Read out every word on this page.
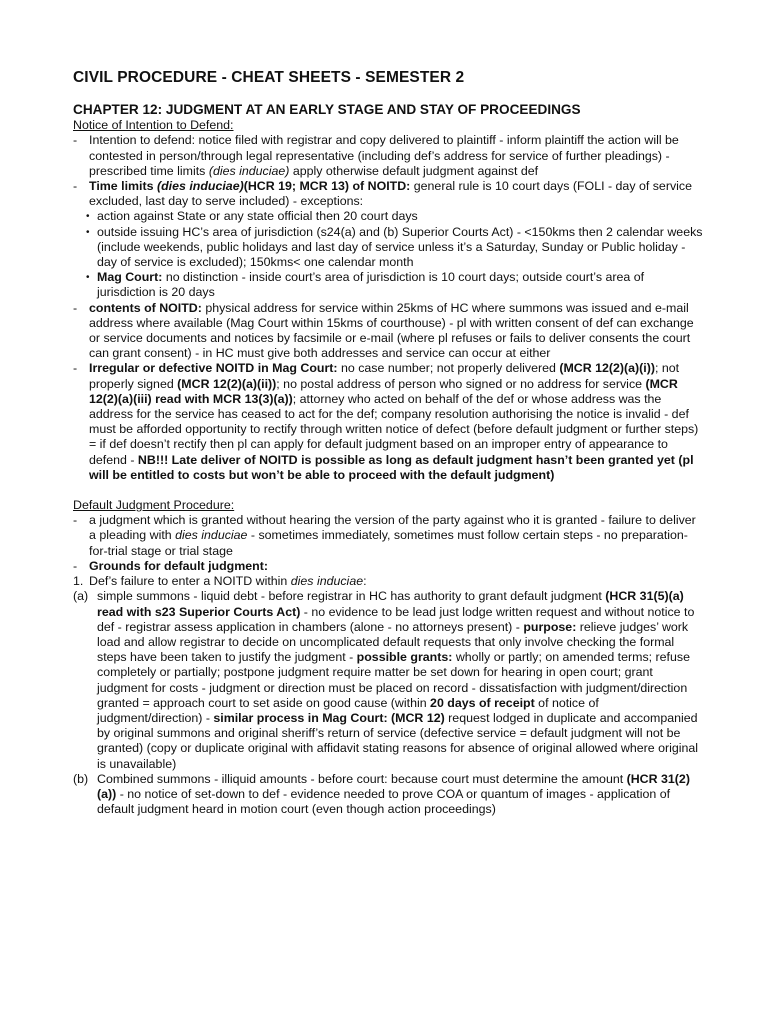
CIVIL PROCEDURE - CHEAT SHEETS - SEMESTER 2
CHAPTER 12: JUDGMENT AT AN EARLY STAGE AND STAY OF PROCEEDINGS
Notice of Intention to Defend:
- Intention to defend: notice filed with registrar and copy delivered to plaintiff - inform plaintiff the action will be contested in person/through legal representative (including def’s address for service of further pleadings) - prescribed time limits (dies induciae) apply otherwise default judgment against def
- Time limits (dies induciae)(HCR 19; MCR 13) of NOITD: general rule is 10 court days (FOLI - day of service excluded, last day to serve included) - exceptions:
• action against State or any state official then 20 court days
• outside issuing HC’s area of jurisdiction (s24(a) and (b) Superior Courts Act) - <150kms then 2 calendar weeks (include weekends, public holidays and last day of service unless it’s a Saturday, Sunday or Public holiday - day of service is excluded); 150kms< one calendar month
• Mag Court: no distinction - inside court’s area of jurisdiction is 10 court days; outside court’s area of jurisdiction is 20 days
- contents of NOITD: physical address for service within 25kms of HC where summons was issued and e-mail address where available (Mag Court within 15kms of courthouse) - pl with written consent of def can exchange or service documents and notices by facsimile or e-mail (where pl refuses or fails to deliver consents the court can grant consent) - in HC must give both addresses and service can occur at either
- Irregular or defective NOITD in Mag Court: no case number; not properly delivered (MCR 12(2)(a)(i)); not properly signed (MCR 12(2)(a)(ii)); no postal address of person who signed or no address for service (MCR 12(2)(a)(iii) read with MCR 13(3)(a)); attorney who acted on behalf of the def or whose address was the address for the service has ceased to act for the def; company resolution authorising the notice is invalid - def must be afforded opportunity to rectify through written notice of defect (before default judgment or further steps) = if def doesn’t rectify then pl can apply for default judgment based on an improper entry of appearance to defend - NB!!! Late deliver of NOITD is possible as long as default judgment hasn’t been granted yet (pl will be entitled to costs but won’t be able to proceed with the default judgment)
Default Judgment Procedure:
- a judgment which is granted without hearing the version of the party against who it is granted - failure to deliver a pleading with dies induciae - sometimes immediately, sometimes must follow certain steps - no preparation-for-trial stage or trial stage
- Grounds for default judgment:
1. Def’s failure to enter a NOITD within dies induciae:
(a) simple summons - liquid debt - before registrar in HC has authority to grant default judgment (HCR 31(5)(a) read with s23 Superior Courts Act) - no evidence to be lead just lodge written request and without notice to def - registrar assess application in chambers (alone - no attorneys present) - purpose: relieve judges’ work load and allow registrar to decide on uncomplicated default requests that only involve checking the formal steps have been taken to justify the judgment - possible grants: wholly or partly; on amended terms; refuse completely or partially; postpone judgment require matter be set down for hearing in open court; grant judgment for costs - judgment or direction must be placed on record - dissatisfaction with judgment/direction granted = approach court to set aside on good cause (within 20 days of receipt of notice of judgment/direction) - similar process in Mag Court: (MCR 12) request lodged in duplicate and accompanied by original summons and original sheriff’s return of service (defective service = default judgment will not be granted) (copy or duplicate original with affidavit stating reasons for absence of original allowed where original is unavailable)
(b) Combined summons - illiquid amounts - before court: because court must determine the amount (HCR 31(2)(a)) - no notice of set-down to def - evidence needed to prove COA or quantum of images - application of default judgment heard in motion court (even though action proceedings)
